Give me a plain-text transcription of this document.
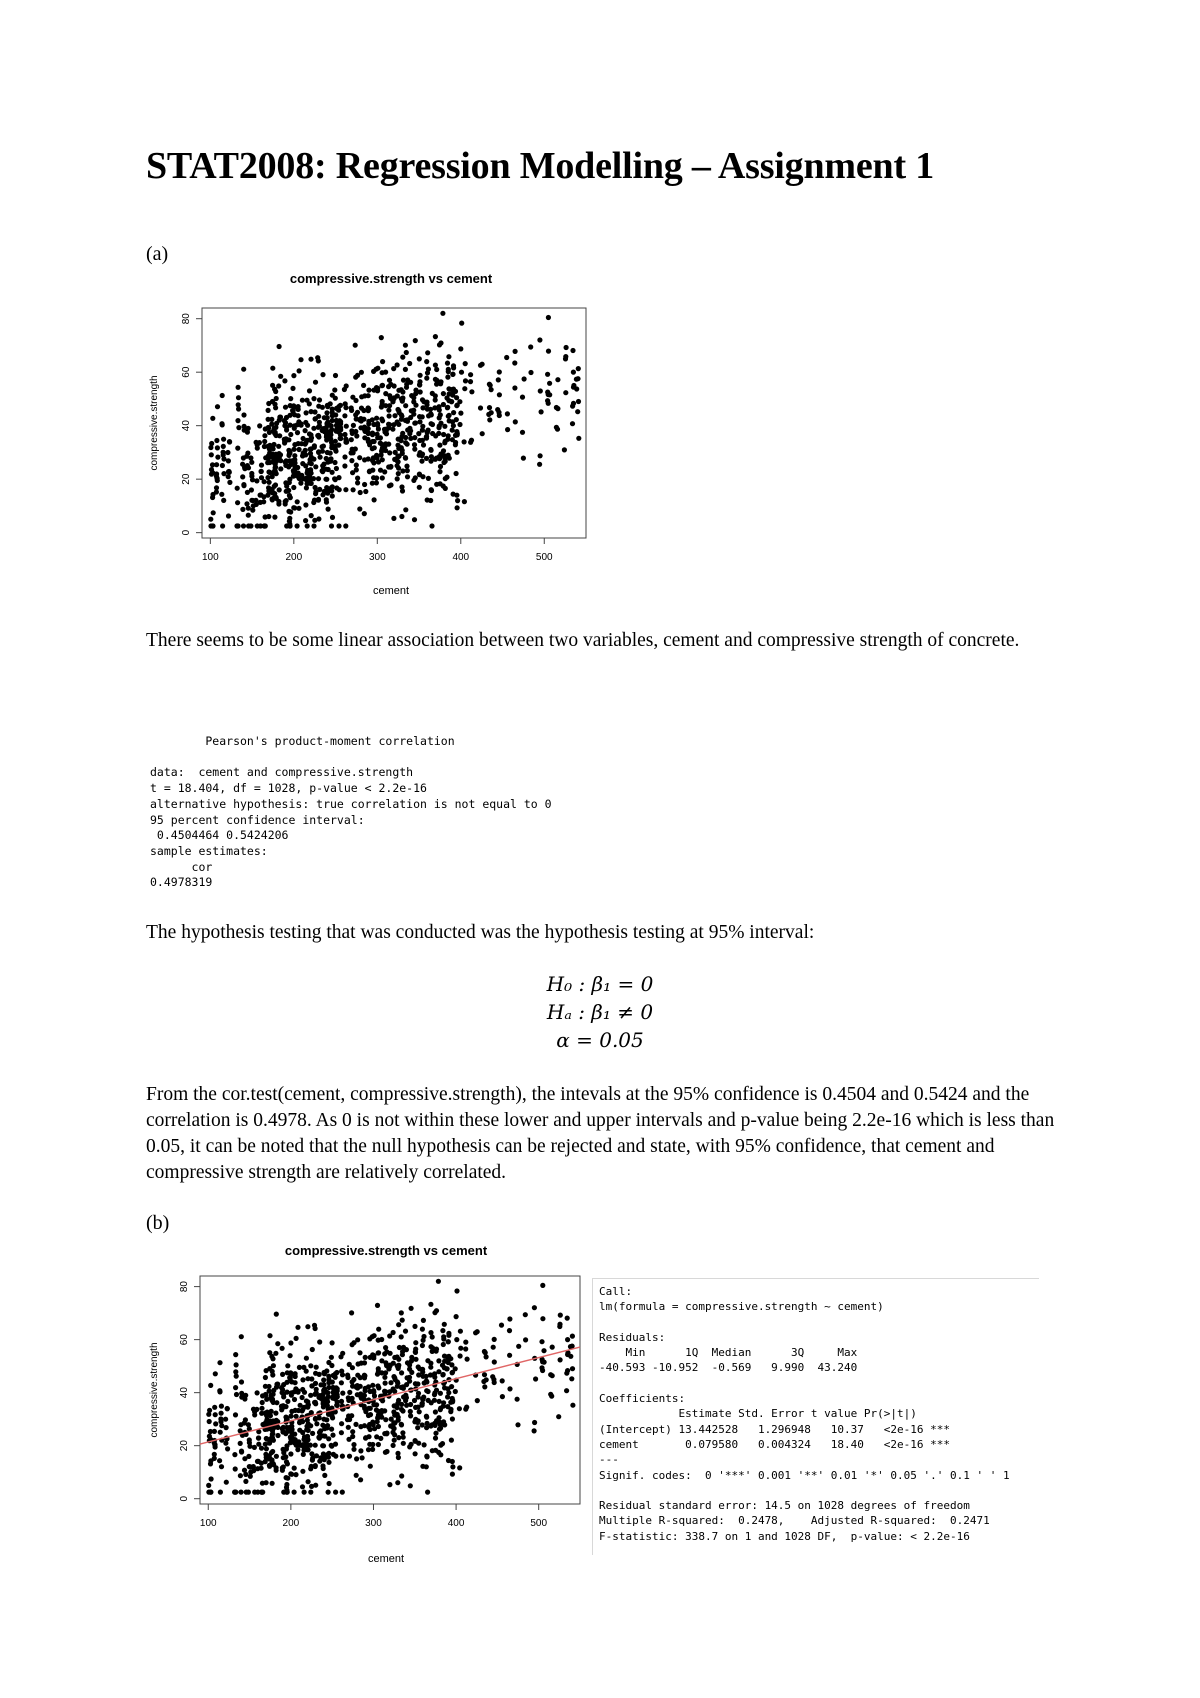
STAT2008: Regression Modelling – Assignment 1
(a)
compressive.strength vs cement
0
20
40
60
80
100	200	300	400	500
cement
compressive.strength
There seems to be some linear association between two variables, cement and compressive strength of concrete.
Pearson's product-moment correlation

data:  cement and compressive.strength
t = 18.404, df = 1028, p-value < 2.2e-16
alternative hypothesis: true correlation is not equal to 0
95 percent confidence interval:
0.4504464 0.5424206
sample estimates:
cor
0.4978319
The hypothesis testing that was conducted was the hypothesis testing at 95% interval:
H₀ : β₁ = 0
Hₐ : β₁ ≠ 0
α = 0.05
From the cor.test(cement, compressive.strength), the intevals at the 95% confidence is 0.4504 and 0.5424 and the correlation is 0.4978. As 0 is not within these lower and upper intervals and p-value being 2.2e-16 which is less than 0.05, it can be noted that the null hypothesis can be rejected and state, with 95% confidence, that cement and compressive strength are relatively correlated.
(b)
compressive.strength vs cement
0
20
40
60
80
100	200	300	400	500
cement
compressive.strength
Call:
lm(formula = compressive.strength ~ cement)

Residuals:
Min      1Q  Median      3Q     Max
-40.593 -10.952  -0.569   9.990  43.240

Coefficients:
Estimate Std. Error t value Pr(>|t|)
(Intercept) 13.442528   1.296948   10.37   <2e-16 ***
cement       0.079580   0.004324   18.40   <2e-16 ***
---
Signif. codes:  0 '***' 0.001 '**' 0.01 '*' 0.05 '.' 0.1 ' ' 1

Residual standard error: 14.5 on 1028 degrees of freedom
Multiple R-squared:  0.2478,	Adjusted R-squared:  0.2471
F-statistic: 338.7 on 1 and 1028 DF,  p-value: < 2.2e-16
